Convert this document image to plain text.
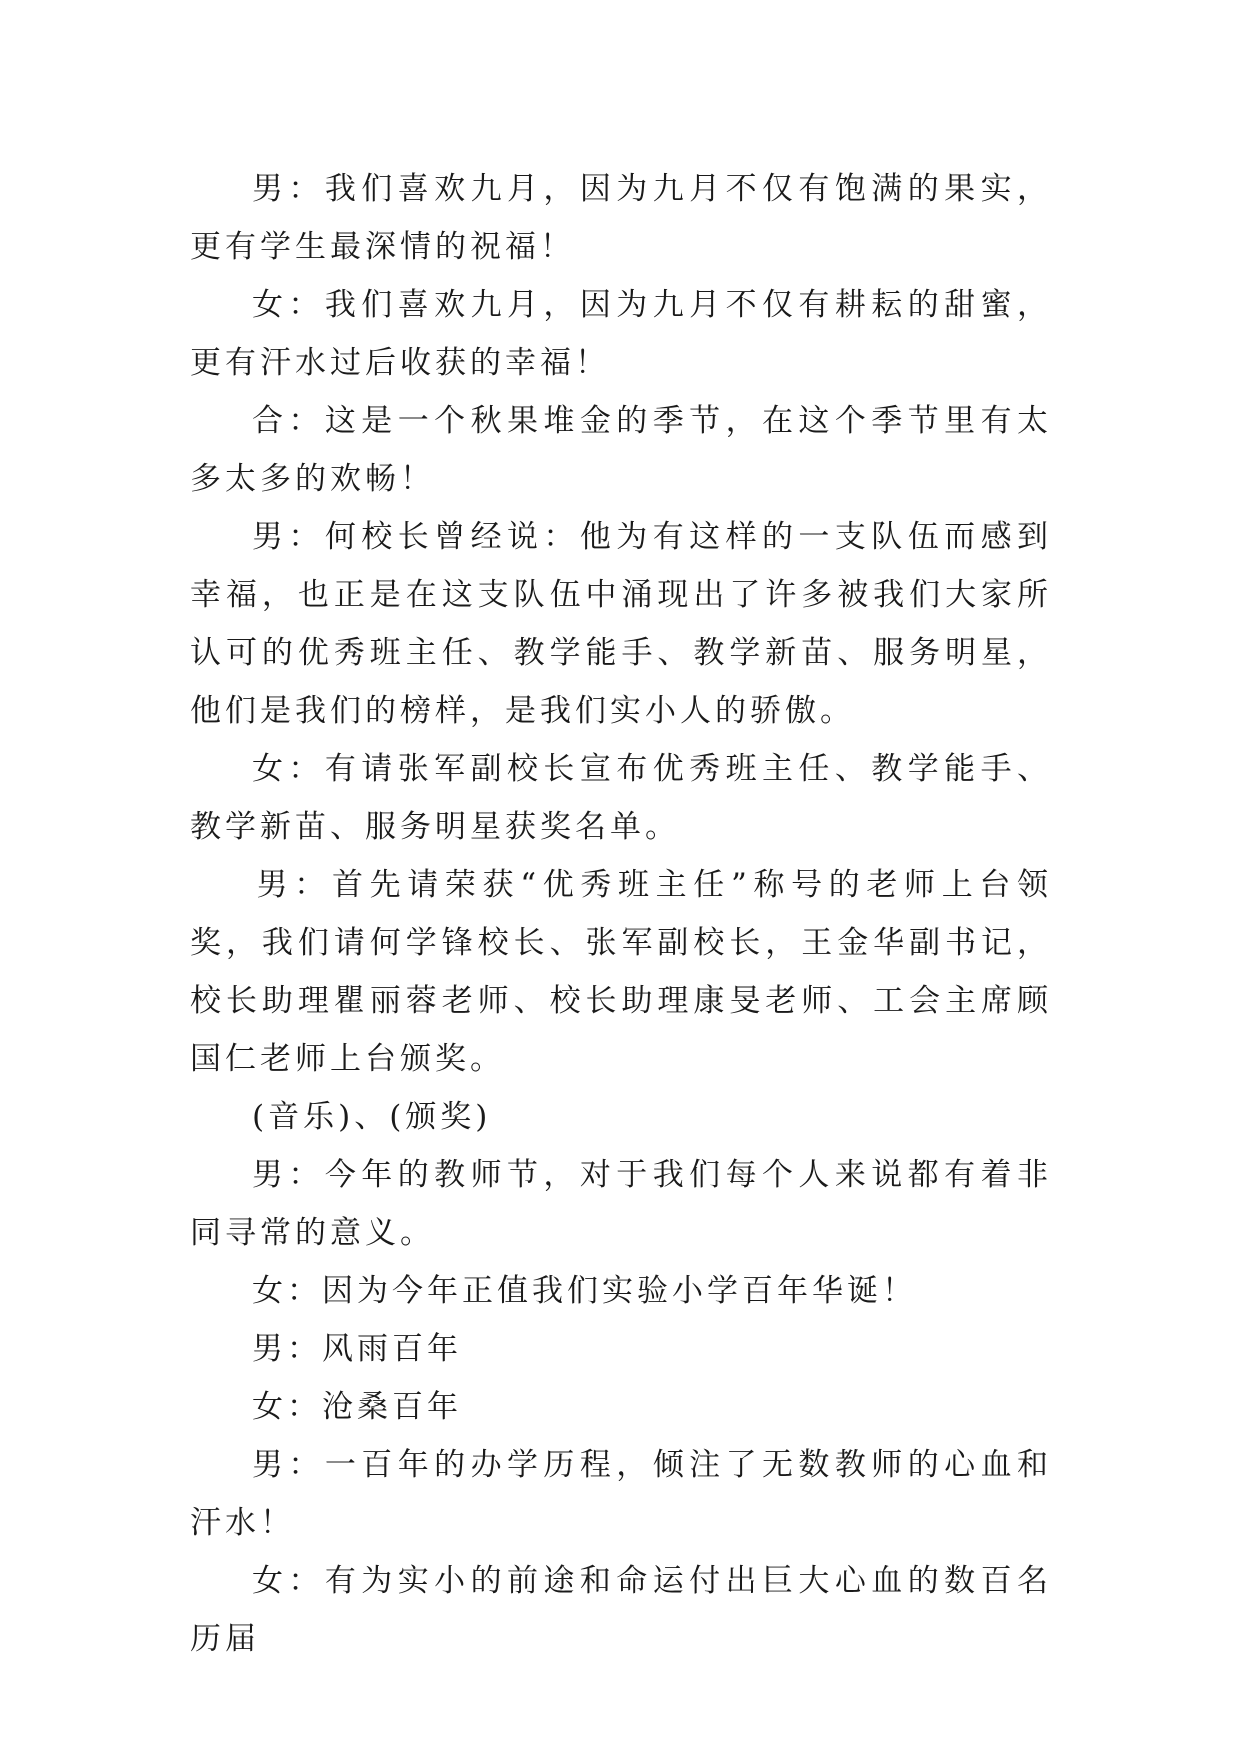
男：我们喜欢九月，因为九月不仅有饱满的果实，更有学生最深情的祝福！

女：我们喜欢九月，因为九月不仅有耕耘的甜蜜，更有汗水过后收获的幸福！

合：这是一个秋果堆金的季节，在这个季节里有太多太多的欢畅！

男：何校长曾经说：他为有这样的一支队伍而感到幸福，也正是在这支队伍中涌现出了许多被我们大家所认可的优秀班主任、教学能手、教学新苗、服务明星，他们是我们的榜样，是我们实小人的骄傲。

女：有请张军副校长宣布优秀班主任、教学能手、教学新苗、服务明星获奖名单。

男：首先请荣获“优秀班主任”称号的老师上台领奖，我们请何学锋校长、张军副校长，王金华副书记，校长助理瞿丽蓉老师、校长助理康旻老师、工会主席顾国仁老师上台颁奖。

(音乐)、(颁奖)

男：今年的教师节，对于我们每个人来说都有着非同寻常的意义。

女：因为今年正值我们实验小学百年华诞！

男：风雨百年

女：沧桑百年

男：一百年的办学历程，倾注了无数教师的心血和汗水！

女：有为实小的前途和命运付出巨大心血的数百名历届
